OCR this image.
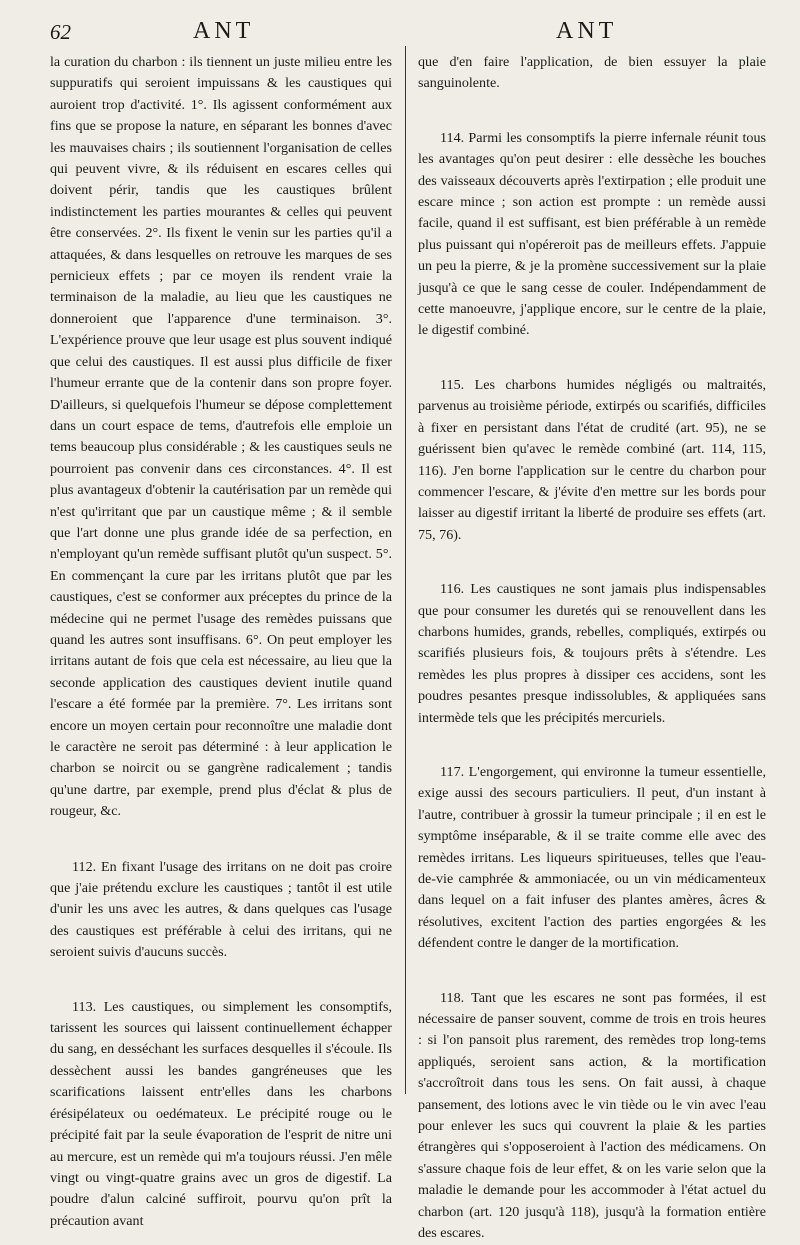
62	ANT	ANT

la curation du charbon : ils tiennent un juste milieu entre les suppuratifs qui seroient impuissans & les caustiques qui auroient trop d'activité. 1°. Ils agissent conformément aux fins que se propose la nature, en séparant les bonnes d'avec les mauvaises chairs ; ils soutiennent l'organisation de celles qui peuvent vivre, & ils réduisent en escares celles qui doivent périr, tandis que les caustiques brûlent indistinctement les parties mourantes & celles qui peuvent être conservées. 2°. Ils fixent le venin sur les parties qu'il a attaquées, & dans lesquelles on retrouve les marques de ses pernicieux effets ; par ce moyen ils rendent vraie la terminaison de la maladie, au lieu que les caustiques ne donneroient que l'apparence d'une terminaison. 3°. L'expérience prouve que leur usage est plus souvent indiqué que celui des caustiques. Il est aussi plus difficile de fixer l'humeur errante que de la contenir dans son propre foyer. D'ailleurs, si quelquefois l'humeur se dépose complettement dans un court espace de tems, d'autrefois elle emploie un tems beaucoup plus considérable ; & les caustiques seuls ne pourroient pas convenir dans ces circonstances. 4°. Il est plus avantageux d'obtenir la cautérisation par un remède qui n'est qu'irritant que par un caustique même ; & il semble que l'art donne une plus grande idée de sa perfection, en n'employant qu'un remède suffisant plutôt qu'un suspect. 5°. En commençant la cure par les irritans plutôt que par les caustiques, c'est se conformer aux préceptes du prince de la médecine qui ne permet l'usage des remèdes puissans que quand les autres sont insuffisans. 6°. On peut employer les irritans autant de fois que cela est nécessaire, au lieu que la seconde application des caustiques devient inutile quand l'escare a été formée par la première. 7°. Les irritans sont encore un moyen certain pour reconnoître une maladie dont le caractère ne seroit pas déterminé : à leur application le charbon se noircit ou se gangrène radicalement ; tandis qu'une dartre, par exemple, prend plus d'éclat & plus de rougeur, &c.

112. En fixant l'usage des irritans on ne doit pas croire que j'aie prétendu exclure les caustiques ; tantôt il est utile d'unir les uns avec les autres, & dans quelques cas l'usage des caustiques est préférable à celui des irritans, qui ne seroient suivis d'aucuns succès.

113. Les caustiques, ou simplement les consomptifs, tarissent les sources qui laissent continuellement échapper du sang, en desséchant les surfaces desquelles il s'écoule. Ils dessèchent aussi les bandes gangréneuses que les scarifications laissent entr'elles dans les charbons érésipélateux ou oedémateux. Le précipité rouge ou le précipité fait par la seule évaporation de l'esprit de nitre uni au mercure, est un remède qui m'a toujours réussi. J'en mêle vingt ou vingt-quatre grains avec un gros de digestif. La poudre d'alun calciné suffiroit, pourvu qu'on prît la précaution avant

que d'en faire l'application, de bien essuyer la plaie sanguinolente.

114. Parmi les consomptifs la pierre infernale réunit tous les avantages qu'on peut desirer : elle dessèche les bouches des vaisseaux découverts après l'extirpation ; elle produit une escare mince ; son action est prompte : un remède aussi facile, quand il est suffisant, est bien préférable à un remède plus puissant qui n'opéreroit pas de meilleurs effets. J'appuie un peu la pierre, & je la promène successivement sur la plaie jusqu'à ce que le sang cesse de couler. Indépendamment de cette manoeuvre, j'applique encore, sur le centre de la plaie, le digestif combiné.

115. Les charbons humides négligés ou maltraités, parvenus au troisième période, extirpés ou scarifiés, difficiles à fixer en persistant dans l'état de crudité (art. 95), ne se guérissent bien qu'avec le remède combiné (art. 114, 115, 116). J'en borne l'application sur le centre du charbon pour commencer l'escare, & j'évite d'en mettre sur les bords pour laisser au digestif irritant la liberté de produire ses effets (art. 75, 76).

116. Les caustiques ne sont jamais plus indispensables que pour consumer les duretés qui se renouvellent dans les charbons humides, grands, rebelles, compliqués, extirpés ou scarifiés plusieurs fois, & toujours prêts à s'étendre. Les remèdes les plus propres à dissiper ces accidens, sont les poudres pesantes presque indissolubles, & appliquées sans intermède tels que les précipités mercuriels.

117. L'engorgement, qui environne la tumeur essentielle, exige aussi des secours particuliers. Il peut, d'un instant à l'autre, contribuer à grossir la tumeur principale ; il en est le symptôme inséparable, & il se traite comme elle avec des remèdes irritans. Les liqueurs spiritueuses, telles que l'eau-de-vie camphrée & ammoniacée, ou un vin médicamenteux dans lequel on a fait infuser des plantes amères, âcres & résolutives, excitent l'action des parties engorgées & les défendent contre le danger de la mortification.

118. Tant que les escares ne sont pas formées, il est nécessaire de panser souvent, comme de trois en trois heures : si l'on pansoit plus rarement, des remèdes trop long-tems appliqués, seroient sans action, & la mortification s'accroîtroit dans tous les sens. On fait aussi, à chaque pansement, des lotions avec le vin tiède ou le vin avec l'eau pour enlever les sucs qui couvrent la plaie & les parties étrangères qui s'opposeroient à l'action des médicamens. On s'assure chaque fois de leur effet, & on les varie selon que la maladie le demande pour les accommoder à l'état actuel du charbon (art. 120 jusqu'à 118), jusqu'à la formation entière des escares.
